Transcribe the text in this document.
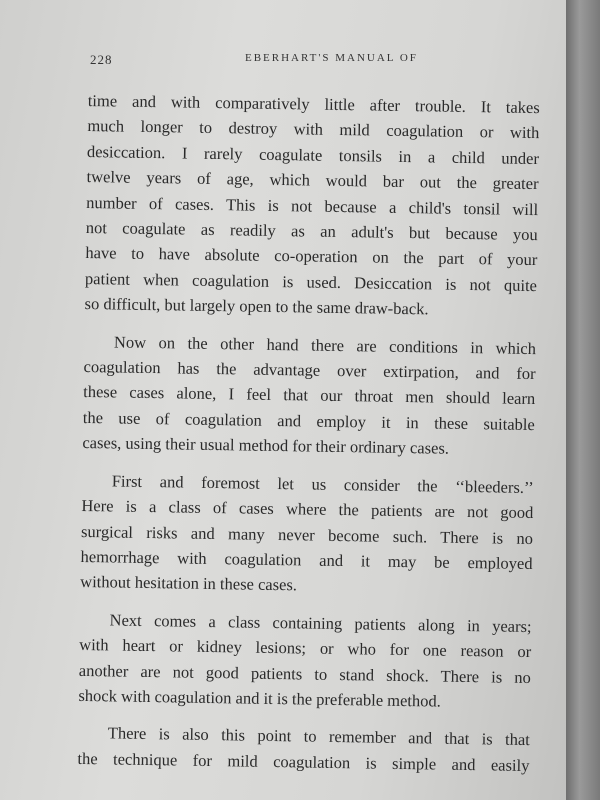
228	EBERHART'S MANUAL OF

time and with comparatively little after trouble. It takes
much longer to destroy with mild coagulation or with
desiccation. I rarely coagulate tonsils in a child under
twelve years of age, which would bar out the greater
number of cases. This is not because a child's tonsil will
not coagulate as readily as an adult's but because you
have to have absolute co-operation on the part of your
patient when coagulation is used. Desiccation is not quite
so difficult, but largely open to the same draw-back.

Now on the other hand there are conditions in which
coagulation has the advantage over extirpation, and for
these cases alone, I feel that our throat men should learn
the use of coagulation and employ it in these suitable
cases, using their usual method for their ordinary cases.

First and foremost let us consider the ‘‘bleeders.’’
Here is a class of cases where the patients are not good
surgical risks and many never become such. There is no
hemorrhage with coagulation and it may be employed
without hesitation in these cases.

Next comes a class containing patients along in years;
with heart or kidney lesions; or who for one reason or
another are not good patients to stand shock. There is no
shock with coagulation and it is the preferable method.

There is also this point to remember and that is that
the technique for mild coagulation is simple and easily
